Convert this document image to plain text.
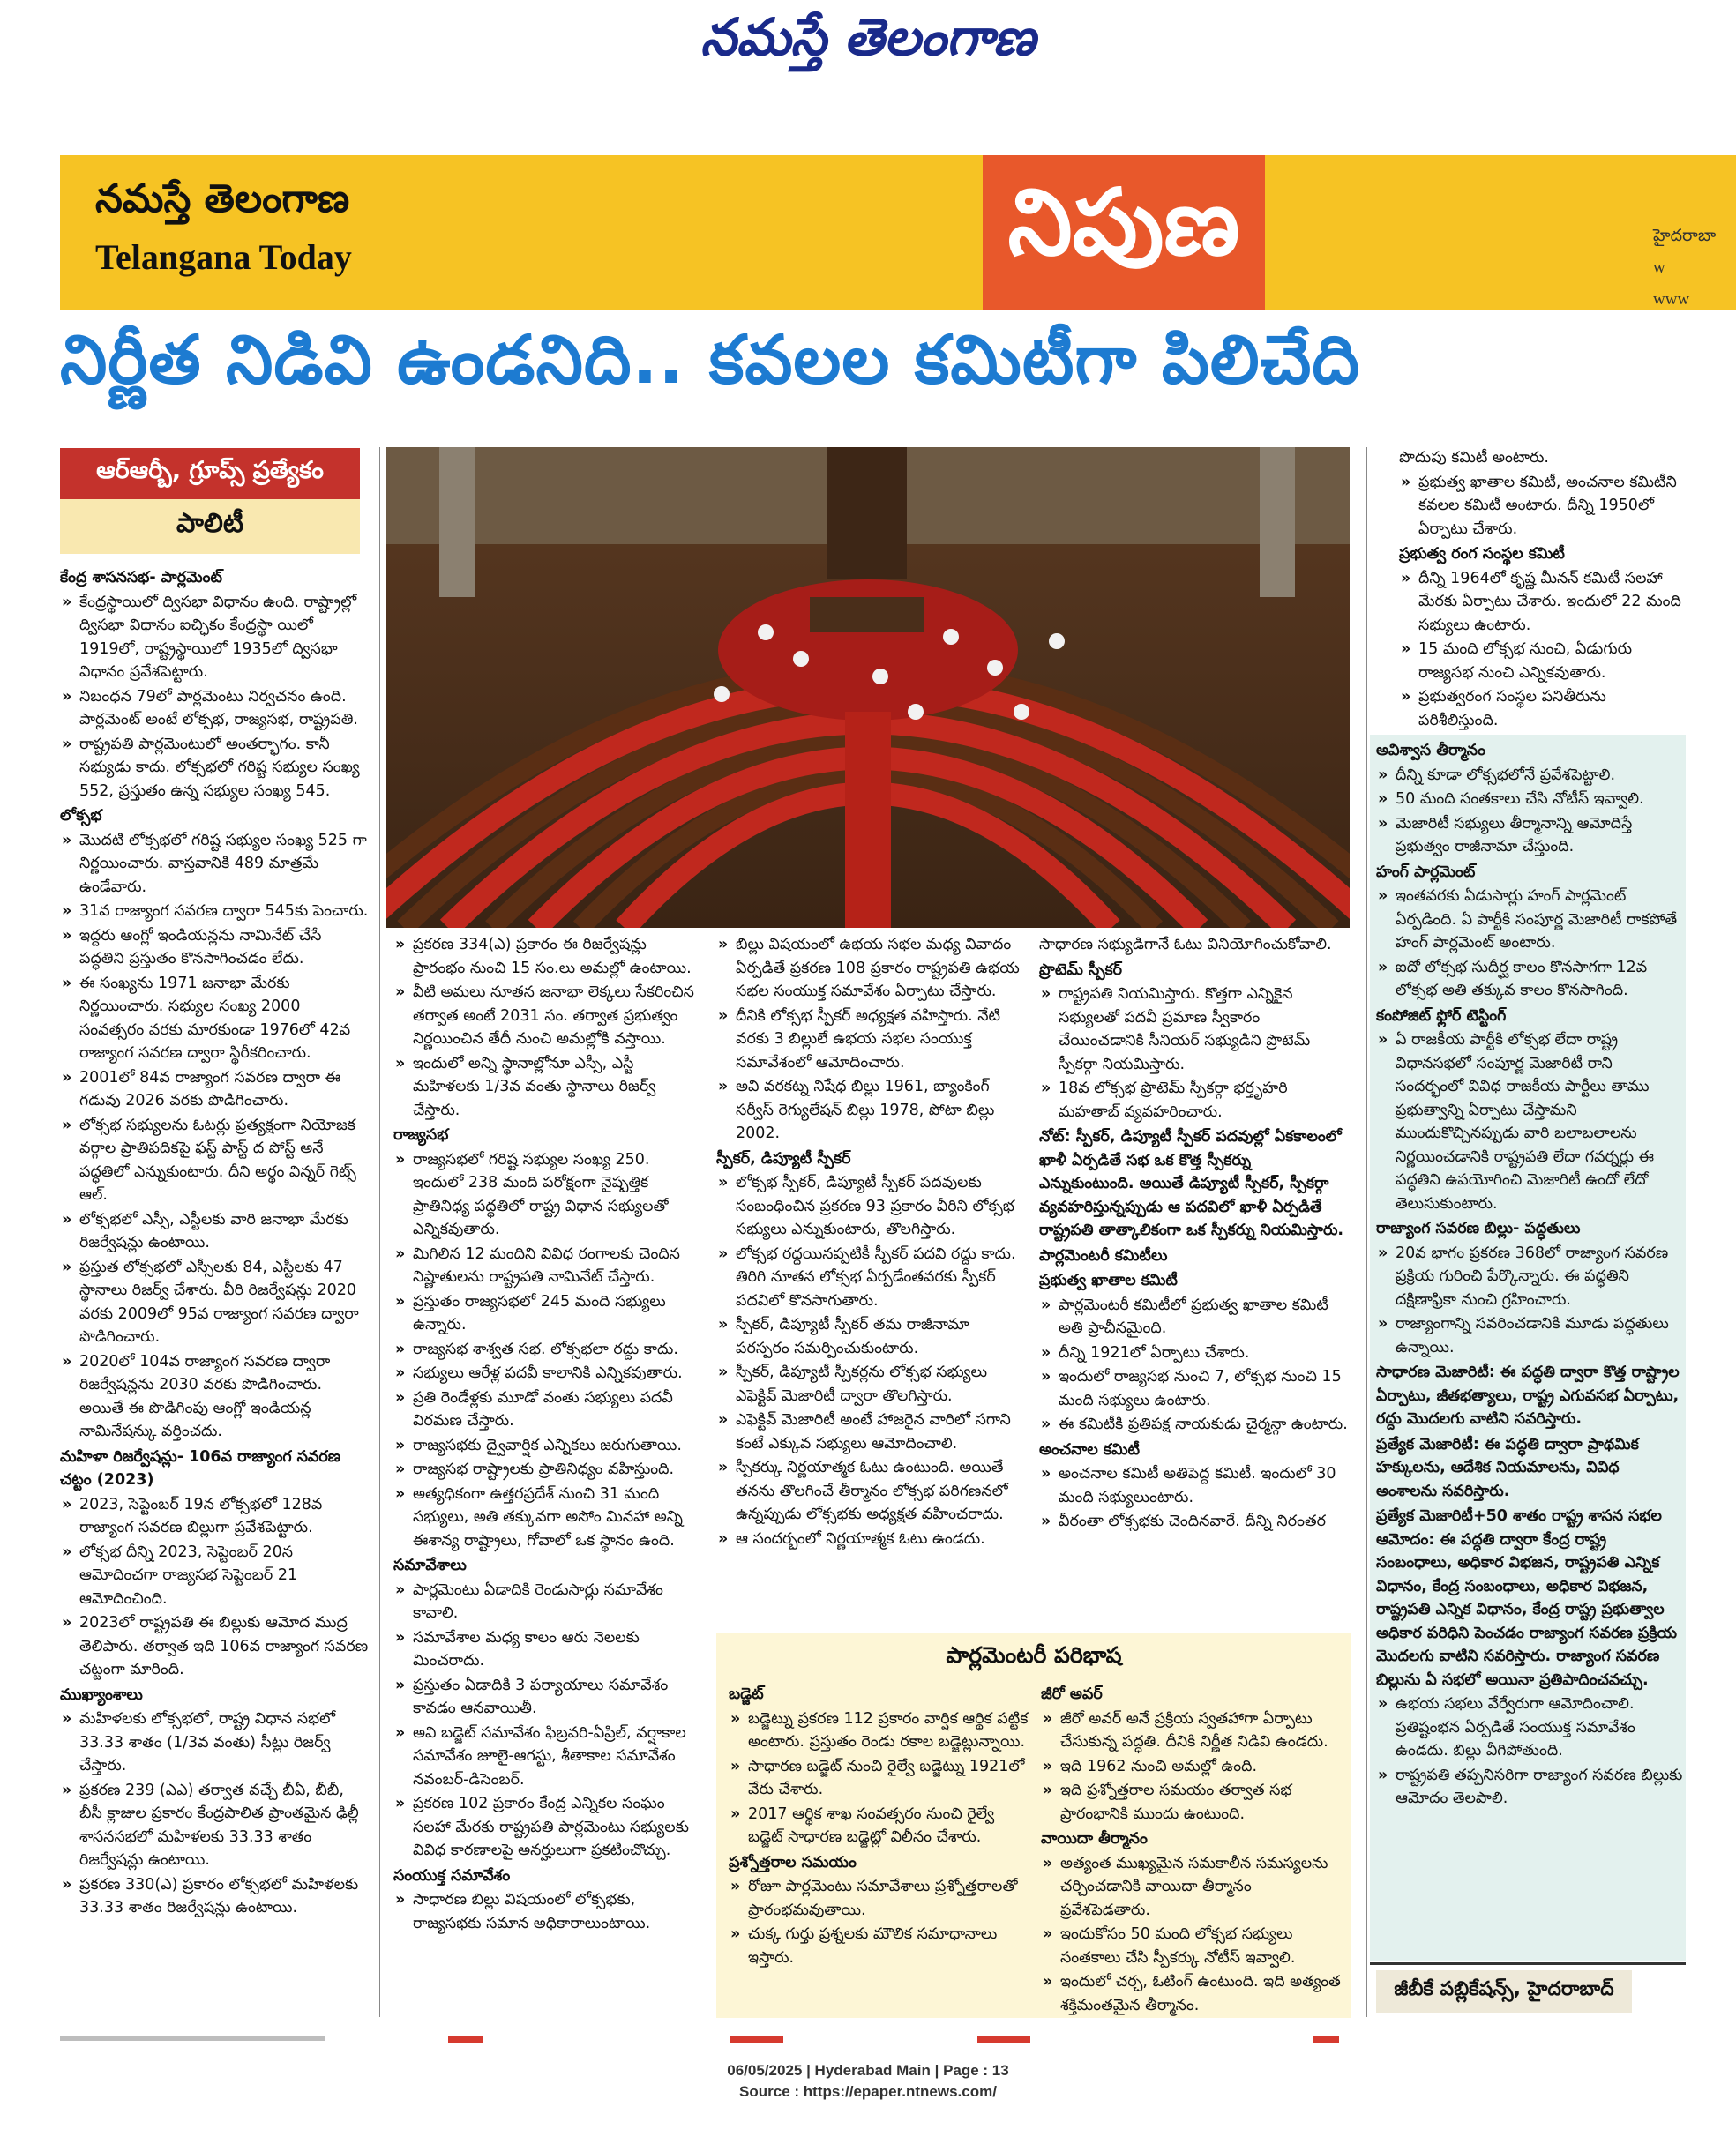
నమస్తే తెలంగాణ
నమస్తే తెలంగాణ
Telangana Today	నిపుణ	హైదరాబా
w
www
నిర్ణీత నిడివి ఉండనిది.. కవలల కమిటీగా పిలిచేది
ఆర్ఆర్బీ, గ్రూప్స్ ప్రత్యేకం
పాలిటీ

కేంద్ర శాసనసభ- పార్లమెంట్

» కేంద్రస్థాయిలో ద్విసభా విధానం ఉంది. రాష్ట్రాల్లో ద్విసభా విధానం ఐచ్ఛికం కేంద్రస్థా యిలో 1919లో, రాష్ట్రస్థాయిలో 1935లో ద్విసభా విధానం ప్రవేశపెట్టారు.

» నిబంధన 79లో పార్లమెంటు నిర్వచనం ఉంది. పార్లమెంట్ అంటే లోక్సభ, రాజ్యసభ, రాష్ట్రపతి.

» రాష్ట్రపతి పార్లమెంటులో అంతర్భాగం. కానీ సభ్యుడు కాదు. లోక్సభలో గరిష్ట సభ్యుల సంఖ్య 552, ప్రస్తుతం ఉన్న సభ్యుల సంఖ్య 545.

లోక్సభ

» మొదటి లోక్సభలో గరిష్ట సభ్యుల సంఖ్య 525 గా నిర్ణయించారు. వాస్తవానికి 489 మాత్రమే ఉండేవారు.

» 31వ రాజ్యాంగ సవరణ ద్వారా 545కు పెంచారు.

» ఇద్దరు ఆంగ్లో ఇండియన్లను నామినేట్ చేసే పద్ధతిని ప్రస్తుతం కొనసాగించడం లేదు.

» ఈ సంఖ్యను 1971 జనాభా మేరకు నిర్ణయించారు. సభ్యుల సంఖ్య 2000 సంవత్సరం వరకు మారకుండా 1976లో 42వ రాజ్యాంగ సవరణ ద్వారా స్థిరీకరించారు.

» 2001లో 84వ రాజ్యాంగ సవరణ ద్వారా ఈ గడువు 2026 వరకు పొడిగించారు.

» లోక్సభ సభ్యులను ఓటర్లు ప్రత్యక్షంగా నియోజక వర్గాల ప్రాతిపదికపై ఫస్ట్ పాస్ట్ ద పోస్ట్ అనే పద్ధతిలో ఎన్నుకుంటారు. దీని అర్థం విన్నర్ గెట్స్ ఆల్.

» లోక్సభలో ఎస్సీ, ఎస్టీలకు వారి జనాభా మేరకు రిజర్వేషన్లు ఉంటాయి.

» ప్రస్తుత లోక్సభలో ఎస్సీలకు 84, ఎస్టీలకు 47 స్థానాలు రిజర్వ్ చేశారు. వీరి రిజర్వేషన్లు 2020 వరకు 2009లో 95వ రాజ్యాంగ సవరణ ద్వారా పొడిగించారు.

» 2020లో 104వ రాజ్యాంగ సవరణ ద్వారా రిజర్వేషన్లను 2030 వరకు పొడిగించారు. అయితే ఈ పొడిగింపు ఆంగ్లో ఇండియన్ల నామినేషన్కు వర్తించదు.

మహిళా రిజర్వేషన్లు- 106వ రాజ్యాంగ సవరణ చట్టం (2023)

» 2023, సెప్టెంబర్ 19న లోక్సభలో 128వ రాజ్యాంగ సవరణ బిల్లుగా ప్రవేశపెట్టారు.

» లోక్సభ దీన్ని 2023, సెప్టెంబర్ 20న ఆమోదించగా రాజ్యసభ సెప్టెంబర్ 21 ఆమోదించింది.

» 2023లో రాష్ట్రపతి ఈ బిల్లుకు ఆమోద ముద్ర తెలిపారు. తర్వాత ఇది 106వ రాజ్యాంగ సవరణ చట్టంగా మారింది.

ముఖ్యాంశాలు

» మహిళలకు లోక్సభలో, రాష్ట్ర విధాన సభలో 33.33 శాతం (1/3వ వంతు) సీట్లు రిజర్వ్ చేస్తారు.

» ప్రకరణ 239 (ఎఎ) తర్వాత వచ్చే బీఏ, బీబీ, బీసీ క్లాజుల ప్రకారం కేంద్రపాలిత ప్రాంతమైన ఢిల్లీ శాసనసభలో మహిళలకు 33.33 శాతం రిజర్వేషన్లు ఉంటాయి.

» ప్రకరణ 330(ఎ) ప్రకారం లోక్సభలో మహిళలకు 33.33 శాతం రిజర్వేషన్లు ఉంటాయి.

» ప్రకరణ 334(ఎ) ప్రకారం ఈ రిజర్వేషన్లు ప్రారంభం నుంచి 15 సం.లు అమల్లో ఉంటాయి.

» వీటి అమలు నూతన జనాభా లెక్కలు సేకరించిన తర్వాత అంటే 2031 సం. తర్వాత ప్రభుత్వం నిర్ణయించిన తేదీ నుంచి అమల్లోకి వస్తాయి.

» ఇందులో అన్ని స్థానాల్లోనూ ఎస్సీ, ఎస్టీ మహిళలకు 1/3వ వంతు స్థానాలు రిజర్వ్ చేస్తారు.

రాజ్యసభ

» రాజ్యసభలో గరిష్ట సభ్యుల సంఖ్య 250. ఇందులో 238 మంది పరోక్షంగా నైష్పత్తిక ప్రాతినిధ్య పద్ధతిలో రాష్ట్ర విధాన సభ్యులతో ఎన్నికవుతారు.

» మిగిలిన 12 మందిని వివిధ రంగాలకు చెందిన నిష్ణాతులను రాష్ట్రపతి నామినేట్ చేస్తారు.

» ప్రస్తుతం రాజ్యసభలో 245 మంది సభ్యులు ఉన్నారు.

» రాజ్యసభ శాశ్వత సభ. లోక్సభలా రద్దు కాదు.

» సభ్యులు ఆరేళ్ల పదవీ కాలానికి ఎన్నికవుతారు.

» ప్రతి రెండేళ్లకు మూడో వంతు సభ్యులు పదవీ విరమణ చేస్తారు.

» రాజ్యసభకు ద్వైవార్షిక ఎన్నికలు జరుగుతాయి.

» రాజ్యసభ రాష్ట్రాలకు ప్రాతినిధ్యం వహిస్తుంది.

» అత్యధికంగా ఉత్తరప్రదేశ్ నుంచి 31 మంది సభ్యులు, అతి తక్కువగా అసోం మినహా అన్ని ఈశాన్య రాష్ట్రాలు, గోవాలో ఒక స్థానం ఉంది.

సమావేశాలు

» పార్లమెంటు ఏడాదికి రెండుసార్లు సమావేశం కావాలి.

» సమావేశాల మధ్య కాలం ఆరు నెలలకు మించరాదు.

» ప్రస్తుతం ఏడాదికి 3 పర్యాయాలు సమావేశం కావడం ఆనవాయితీ.

» అవి బడ్జెట్ సమావేశం ఫిబ్రవరి-ఏప్రిల్, వర్షాకాల సమావేశం జూలై-ఆగస్టు, శీతాకాల సమావేశం నవంబర్-డిసెంబర్.

» ప్రకరణ 102 ప్రకారం కేంద్ర ఎన్నికల సంఘం సలహా మేరకు రాష్ట్రపతి పార్లమెంటు సభ్యులకు వివిధ కారణాలపై అనర్హులుగా ప్రకటించొచ్చు.

సంయుక్త సమావేశం

» సాధారణ బిల్లు విషయంలో లోక్సభకు, రాజ్యసభకు సమాన అధికారాలుంటాయి.

» బిల్లు విషయంలో ఉభయ సభల మధ్య వివాదం ఏర్పడితే ప్రకరణ 108 ప్రకారం రాష్ట్రపతి ఉభయ సభల సంయుక్త సమావేశం ఏర్పాటు చేస్తారు.

» దీనికి లోక్సభ స్పీకర్ అధ్యక్షత వహిస్తారు. నేటి వరకు 3 బిల్లులే ఉభయ సభల సంయుక్త సమావేశంలో ఆమోదించారు.

» అవి వరకట్న నిషేధ బిల్లు 1961, బ్యాంకింగ్ సర్వీస్ రెగ్యులేషన్ బిల్లు 1978, పోటా బిల్లు 2002.

స్పీకర్, డిప్యూటీ స్పీకర్

» లోక్సభ స్పీకర్, డిప్యూటీ స్పీకర్ పదవులకు సంబంధించిన ప్రకరణ 93 ప్రకారం వీరిని లోక్సభ సభ్యులు ఎన్నుకుంటారు, తొలగిస్తారు.

» లోక్సభ రద్దయినప్పటికీ స్పీకర్ పదవి రద్దు కాదు. తిరిగి నూతన లోక్సభ ఏర్పడేంతవరకు స్పీకర్ పదవిలో కొనసాగుతారు.

» స్పీకర్, డిప్యూటీ స్పీకర్ తమ రాజీనామా పరస్పరం సమర్పించుకుంటారు.

» స్పీకర్, డిప్యూటీ స్పీకర్లను లోక్సభ సభ్యులు ఎఫెక్టివ్ మెజారిటీ ద్వారా తొలగిస్తారు.

» ఎఫెక్టివ్ మెజారిటీ అంటే హాజరైన వారిలో సగాని కంటే ఎక్కువ సభ్యులు ఆమోదించాలి.

» స్పీకర్కు నిర్ణయాత్మక ఓటు ఉంటుంది. అయితే తనను తొలగించే తీర్మానం లోక్సభ పరిగణనలో ఉన్నప్పుడు లోక్సభకు అధ్యక్షత వహించరాదు.

» ఆ సందర్భంలో నిర్ణయాత్మక ఓటు ఉండదు.

సాధారణ సభ్యుడిగానే ఓటు వినియోగించుకోవాలి.

ప్రొటెమ్ స్పీకర్

» రాష్ట్రపతి నియమిస్తారు. కొత్తగా ఎన్నికైన సభ్యులతో పదవీ ప్రమాణ స్వీకారం చేయించడానికి సీనియర్ సభ్యుడిని ప్రొటెమ్ స్పీకర్గా నియమిస్తారు.

» 18వ లోక్సభ ప్రొటెమ్ స్పీకర్గా భర్తృహరి మహతాబ్ వ్యవహరించారు.

నోట్: స్పీకర్, డిప్యూటీ స్పీకర్ పదవుల్లో ఏకకాలంలో ఖాళీ ఏర్పడితే సభ ఒక కొత్త స్పీకర్ను ఎన్నుకుంటుంది. అయితే డిప్యూటీ స్పీకర్, స్పీకర్గా వ్యవహరిస్తున్నప్పుడు ఆ పదవిలో ఖాళీ ఏర్పడితే రాష్ట్రపతి తాత్కాలికంగా ఒక స్పీకర్ను నియమిస్తారు.

పార్లమెంటరీ కమిటీలు

ప్రభుత్వ ఖాతాల కమిటీ

» పార్లమెంటరీ కమిటీలో ప్రభుత్వ ఖాతాల కమిటీ అతి ప్రాచీనమైంది.

» దీన్ని 1921లో ఏర్పాటు చేశారు.

» ఇందులో రాజ్యసభ నుంచి 7, లోక్సభ నుంచి 15 మంది సభ్యులు ఉంటారు.

» ఈ కమిటీకి ప్రతిపక్ష నాయకుడు చైర్మన్గా ఉంటారు.

అంచనాల కమిటీ

» అంచనాల కమిటీ అతిపెద్ద కమిటీ. ఇందులో 30 మంది సభ్యులుంటారు.

» వీరంతా లోక్సభకు చెందినవారే. దీన్ని నిరంతర

పొదుపు కమిటీ అంటారు.

» ప్రభుత్వ ఖాతాల కమిటీ, అంచనాల కమిటీని కవలల కమిటీ అంటారు. దీన్ని 1950లో ఏర్పాటు చేశారు.

ప్రభుత్వ రంగ సంస్థల కమిటీ

» దీన్ని 1964లో కృష్ణ మీనన్ కమిటీ సలహా మేరకు ఏర్పాటు చేశారు. ఇందులో 22 మంది సభ్యులు ఉంటారు.

» 15 మంది లోక్సభ నుంచి, ఏడుగురు రాజ్యసభ నుంచి ఎన్నికవుతారు.

» ప్రభుత్వరంగ సంస్థల పనితీరును పరిశీలిస్తుంది.

అవిశ్వాస తీర్మానం

» దీన్ని కూడా లోక్సభలోనే ప్రవేశపెట్టాలి.

» 50 మంది సంతకాలు చేసి నోటీస్ ఇవ్వాలి.

» మెజారిటీ సభ్యులు తీర్మానాన్ని ఆమోదిస్తే ప్రభుత్వం రాజీనామా చేస్తుంది.

హంగ్ పార్లమెంట్

» ఇంతవరకు ఏడుసార్లు హంగ్ పార్లమెంట్ ఏర్పడింది. ఏ పార్టీకి సంపూర్ణ మెజారిటీ రాకపోతే హంగ్ పార్లమెంట్ అంటారు.

» ఐదో లోక్సభ సుదీర్ఘ కాలం కొనసాగగా 12వ లోక్సభ అతి తక్కువ కాలం కొనసాగింది.

కంపోజిట్ ఫ్లోర్ టెస్టింగ్

» ఏ రాజకీయ పార్టీకి లోక్సభ లేదా రాష్ట్ర విధానసభలో సంపూర్ణ మెజారిటీ రాని సందర్భంలో వివిధ రాజకీయ పార్టీలు తాము ప్రభుత్వాన్ని ఏర్పాటు చేస్తామని ముందుకొచ్చినప్పుడు వారి బలాబలాలను నిర్ణయించడానికి రాష్ట్రపతి లేదా గవర్నర్లు ఈ పద్ధతిని ఉపయోగించి మెజారిటీ ఉందో లేదో తెలుసుకుంటారు.

రాజ్యాంగ సవరణ బిల్లు- పద్ధతులు

» 20వ భాగం ప్రకరణ 368లో రాజ్యాంగ సవరణ ప్రక్రియ గురించి పేర్కొన్నారు. ఈ పద్ధతిని దక్షిణాఫ్రికా నుంచి గ్రహించారు.

» రాజ్యాంగాన్ని సవరించడానికి మూడు పద్ధతులు ఉన్నాయి.

సాధారణ మెజారిటీ: ఈ పద్ధతి ద్వారా కొత్త రాష్ట్రాల ఏర్పాటు, జీతభత్యాలు, రాష్ట్ర ఎగువసభ ఏర్పాటు, రద్దు మొదలగు వాటిని సవరిస్తారు.

ప్రత్యేక మెజారిటీ: ఈ పద్ధతి ద్వారా ప్రాథమిక హక్కులను, ఆదేశిక నియమాలను, వివిధ అంశాలను సవరిస్తారు.

ప్రత్యేక మెజారిటీ+50 శాతం రాష్ట్ర శాసన సభల ఆమోదం: ఈ పద్ధతి ద్వారా కేంద్ర రాష్ట్ర సంబంధాలు, అధికార విభజన, రాష్ట్రపతి ఎన్నిక విధానం, కేంద్ర సంబంధాలు, అధికార విభజన, రాష్ట్రపతి ఎన్నిక విధానం, కేంద్ర రాష్ట్ర ప్రభుత్వాల అధికార పరిధిని పెంచడం రాజ్యాంగ సవరణ ప్రక్రియ మొదలగు వాటిని సవరిస్తారు. రాజ్యాంగ సవరణ బిల్లును ఏ సభలో అయినా ప్రతిపాదించవచ్చు.

» ఉభయ సభలు వేర్వేరుగా ఆమోదించాలి. ప్రతిష్టంభన ఏర్పడితే సంయుక్త సమావేశం ఉండదు. బిల్లు వీగిపోతుంది.

» రాష్ట్రపతి తప్పనిసరిగా రాజ్యాంగ సవరణ బిల్లుకు ఆమోదం తెలపాలి.

పార్లమెంటరీ పరిభాష

బడ్జెట్

» బడ్జెట్ను ప్రకరణ 112 ప్రకారం వార్షిక ఆర్థిక పట్టిక అంటారు. ప్రస్తుతం రెండు రకాల బడ్జెట్లున్నాయి.

» సాధారణ బడ్జెట్ నుంచి రైల్వే బడ్జెట్ను 1921లో వేరు చేశారు.

» 2017 ఆర్థిక శాఖ సంవత్సరం నుంచి రైల్వే బడ్జెట్ సాధారణ బడ్జెట్లో విలీనం చేశారు.

ప్రశ్నోత్తరాల సమయం

» రోజూ పార్లమెంటు సమావేశాలు ప్రశ్నోత్తరాలతో ప్రారంభమవుతాయి.

» చుక్క గుర్తు ప్రశ్నలకు మౌలిక సమాధానాలు ఇస్తారు.

జీరో అవర్

» జీరో అవర్ అనే ప్రక్రియ స్వతహాగా ఏర్పాటు చేసుకున్న పద్ధతి. దీనికి నిర్ణీత నిడివి ఉండదు.

» ఇది 1962 నుంచి అమల్లో ఉంది.

» ఇది ప్రశ్నోత్తరాల సమయం తర్వాత సభ ప్రారంభానికి ముందు ఉంటుంది.

వాయిదా తీర్మానం

» అత్యంత ముఖ్యమైన సమకాలీన సమస్యలను చర్చించడానికి వాయిదా తీర్మానం ప్రవేశపెడతారు.

» ఇందుకోసం 50 మంది లోక్సభ సభ్యులు సంతకాలు చేసి స్పీకర్కు నోటీస్ ఇవ్వాలి.

» ఇందులో చర్చ, ఓటింగ్ ఉంటుంది. ఇది అత్యంత శక్తిమంతమైన తీర్మానం.

జీబీకే పబ్లికేషన్స్, హైదరాబాద్
06/05/2025 | Hyderabad Main | Page : 13
Source : https://epaper.ntnews.com/
